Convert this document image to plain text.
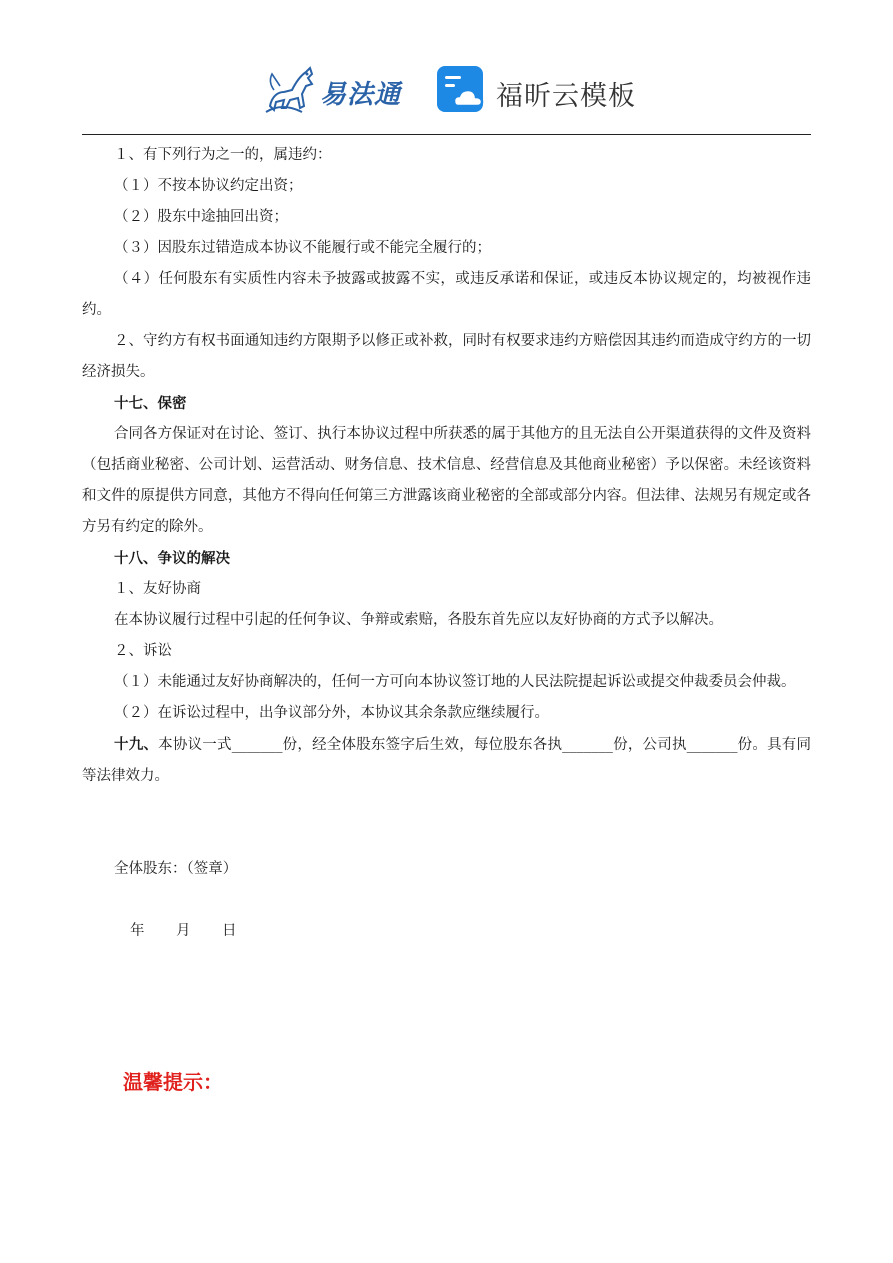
易法通	福昕云模板

１、有下列行为之一的，属违约：

（１）不按本协议约定出资；

（２）股东中途抽回出资；

（３）因股东过错造成本协议不能履行或不能完全履行的；

（４）任何股东有实质性内容未予披露或披露不实，或违反承诺和保证，或违反本协议规定的，均被视作违约。

２、守约方有权书面通知违约方限期予以修正或补救，同时有权要求违约方赔偿因其违约而造成守约方的一切经济损失。

十七、保密

合同各方保证对在讨论、签订、执行本协议过程中所获悉的属于其他方的且无法自公开渠道获得的文件及资料（包括商业秘密、公司计划、运营活动、财务信息、技术信息、经营信息及其他商业秘密）予以保密。未经该资料和文件的原提供方同意，其他方不得向任何第三方泄露该商业秘密的全部或部分内容。但法律、法规另有规定或各方另有约定的除外。

十八、争议的解决

１、友好协商

在本协议履行过程中引起的任何争议、争辩或索赔，各股东首先应以友好协商的方式予以解决。

２、诉讼

（１）未能通过友好协商解决的，任何一方可向本协议签订地的人民法院提起诉讼或提交仲裁委员会仲裁。

（２）在诉讼过程中，出争议部分外，本协议其余条款应继续履行。

十九、本协议一式_______份，经全体股东签字后生效，每位股东各执_______份，公司执_______份。具有同等法律效力。

全体股东：（签章）

年 月 日

温馨提示：
